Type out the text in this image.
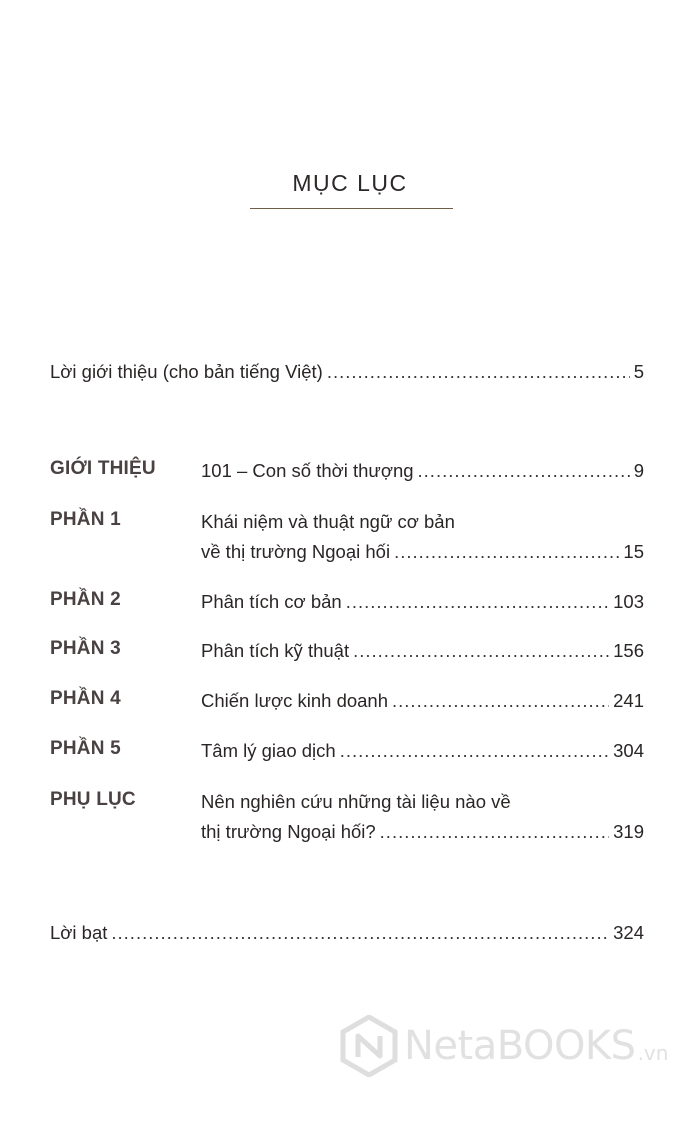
MỤC LỤC
Lời giới thiệu (cho bản tiếng Việt) .....	5
GIỚI THIỆU 101 – Con số thời thượng .....	9
PHẦN 1	Khái niệm và thuật ngữ cơ bản
về thị trường Ngoại hối .....	15
PHẦN 2	Phân tích cơ bản .....	103
PHẦN 3	Phân tích kỹ thuật .....	156
PHẦN 4	Chiến lược kinh doanh .....	241
PHẦN 5	Tâm lý giao dịch .....	304
PHỤ LỤC	Nên nghiên cứu những tài liệu nào về
thị trường Ngoại hối? .....	319
Lời bạt .....	324
NetaBOOKS .vn
